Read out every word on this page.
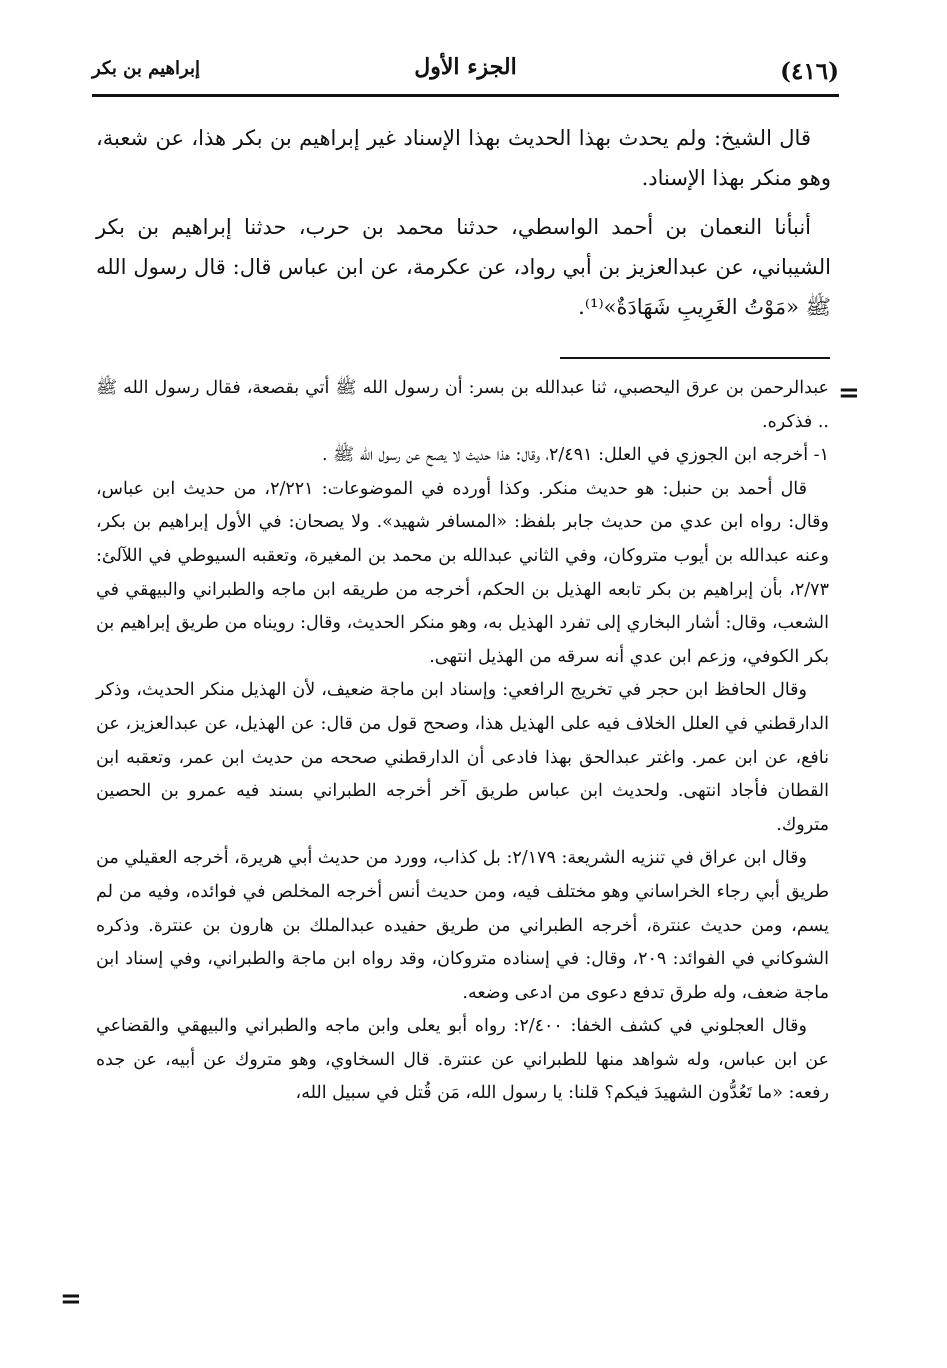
(٤١٦)
الجزء الأول
إبراهيم بن بكر

قال الشيخ: ولم يحدث بهذا الحديث بهذا الإسناد غير إبراهيم بن بكر هذا، عن شعبة، وهو منكر بهذا الإسناد.

أنبأنا النعمان بن أحمد الواسطي، حدثنا محمد بن حرب، حدثنا إبراهيم بن بكر الشيباني، عن عبدالعزيز بن أبي رواد، عن عكرمة، عن ابن عباس قال: قال رسول الله ﷺ «مَوْتُ الغَرِيبِ شَهَادَةٌ»⁽¹⁾.

=

عبدالرحمن بن عرق اليحصبي، ثنا عبدالله بن بسر: أن رسول الله ﷺ أتي بقصعة، فقال رسول الله ﷺ .. فذكره.

١- أخرجه ابن الجوزي في العلل: ٢/٤٩١، وقال: هذا حديث لا يصح عن رسول الله ﷺ .

قال أحمد بن حنبل: هو حديث منكر. وكذا أورده في الموضوعات: ٢/٢٢١، من حديث ابن عباس، وقال: رواه ابن عدي من حديث جابر بلفظ: «المسافر شهيد». ولا يصحان: في الأول إبراهيم بن بكر، وعنه عبدالله بن أيوب متروكان، وفي الثاني عبدالله بن محمد بن المغيرة، وتعقبه السيوطي في اللآلئ: ٢/٧٣، بأن إبراهيم بن بكر تابعه الهذيل بن الحكم، أخرجه من طريقه ابن ماجه والطبراني والبيهقي في الشعب، وقال: أشار البخاري إلى تفرد الهذيل به، وهو منكر الحديث، وقال: رويناه من طريق إبراهيم بن بكر الكوفي، وزعم ابن عدي أنه سرقه من الهذيل انتهى.

وقال الحافظ ابن حجر في تخريج الرافعي: وإسناد ابن ماجة ضعيف، لأن الهذيل منكر الحديث، وذكر الدارقطني في العلل الخلاف فيه على الهذيل هذا، وصحح قول من قال: عن الهذيل، عن عبدالعزيز، عن نافع، عن ابن عمر. واغتر عبدالحق بهذا فادعى أن الدارقطني صححه من حديث ابن عمر، وتعقبه ابن القطان فأجاد انتهى. ولحديث ابن عباس طريق آخر أخرجه الطبراني بسند فيه عمرو بن الحصين متروك.

وقال ابن عراق في تنزيه الشريعة: ٢/١٧٩: بل كذاب، وورد من حديث أبي هريرة، أخرجه العقيلي من طريق أبي رجاء الخراساني وهو مختلف فيه، ومن حديث أنس أخرجه المخلص في فوائده، وفيه من لم يسم، ومن حديث عنترة، أخرجه الطبراني من طريق حفيده عبدالملك بن هارون بن عنترة. وذكره الشوكاني في الفوائد: ٢٠٩، وقال: في إسناده متروكان، وقد رواه ابن ماجة والطبراني، وفي إسناد ابن ماجة ضعف، وله طرق تدفع دعوى من ادعى وضعه.

وقال العجلوني في كشف الخفا: ٢/٤٠٠: رواه أبو يعلى وابن ماجه والطبراني والبيهقي والقضاعي عن ابن عباس، وله شواهد منها للطبراني عن عنترة. قال السخاوي، وهو متروك عن أبيه، عن جده رفعه: «ما تَعُدُّون الشهيدَ فيكم؟ قلنا: يا رسول الله، مَن قُتل في سبيل الله،

=
